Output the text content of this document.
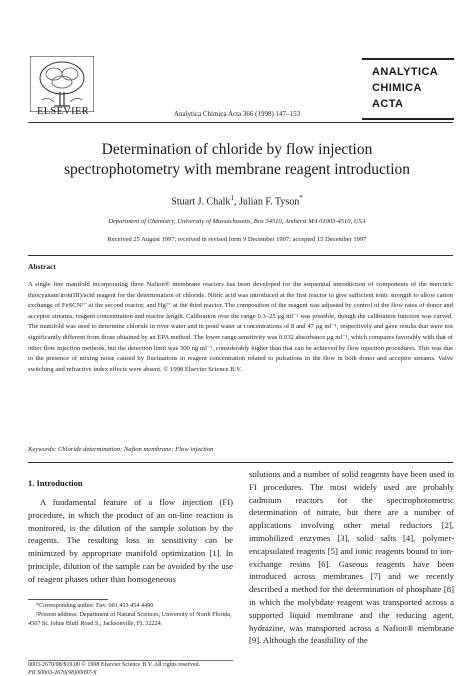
ELSEVIER	Analytica Chimica Acta 366 (1998) 147–153
ANALYTICA
CHIMICA
ACTA
Determination of chloride by flow injection
spectrophotometry with membrane reagent introduction
Stuart J. Chalk$^1$, Julian F. Tyson*
Department of Chemistry, University of Massachusetts, Box 34510, Amherst MA 01003-4510, USA
Received 25 August 1997; received in revised form 9 December 1997; accepted 15 December 1997
Abstract
A single line manifold incorporating three Nafion® membrane reactors has been developed for the sequential introduction of components of the mercuric thiocyanate/iron(III)/acid reagent for the determination of chloride. Nitric acid was introduced at the first reactor to give sufficient ionic strength to allow cation exchange of FeSCN²⁺ at the second reactor, and Hg²⁺ at the third reactor. The composition of the reagent was adjusted by control of the flow rates of donor and acceptor streams, reagent concentration and reactor length. Calibration over the range 0.3–25 μg ml⁻¹ was possible, though the calibration function was curved. The manifold was used to determine chloride in river water and in pond water at concentrations of 8 and 47 μg ml⁻¹, respectively and gave results that were not significantly different from those obtained by an EPA method. The lower range sensitivity was 0.032 absorbance μg ml⁻¹, which compares favorably with that of other flow injection methods, but the detection limit was 300 ng ml⁻¹, considerably higher than that can be achieved by flow injection procedures. This was due to the presence of mixing noise caused by fluctuations in reagent concentration related to pulsations in the flow in both donor and acceptor streams. Valve switching and refractive index effects were absent. © 1998 Elsevier Science B.V.
Keywords: Chloride determination; Nafion membrane; Flow injection
1. Introduction

A fundamental feature of a flow injection (FI) procedure, in which the product of an on-line reaction is monitored, is the dilution of the sample solution by the reagents. The resulting loss in sensitivity can be minimized by appropriate manifold optimization [1]. In principle, dilution of the sample can be avoided by the use of reagent phases other than homogeneous

solutions and a number of solid reagents have been used in FI procedures. The most widely used are probably cadmium reactors for the spectrophotometric determination of nitrate, but there are a number of applications involving other metal reductors [2], immobilized enzymes [3], solid salts [4], polymer-encapsulated reagents [5] and ionic reagents bound to ion-exchange resins [6]. Gaseous reagents have been introduced across membranes [7] and we recently described a method for the determination of phosphate [8] in which the molybdate reagent was transported across a supported liquid membrane and the reducing agent, hydrazine, was transported across a Nafion® membrane [9]. Although the feasibility of the

*Corresponding author. Fax: 001 413 454 4490

¹Present address: Department of Natural Sciences, University of North Florida, 4567 St. Johns Bluff Road S., Jacksonville, FL 32224.

0003-2670/98/$19.00 © 1998 Elsevier Science B.V. All rights reserved.
PII S0003-2670(98)00097-X
